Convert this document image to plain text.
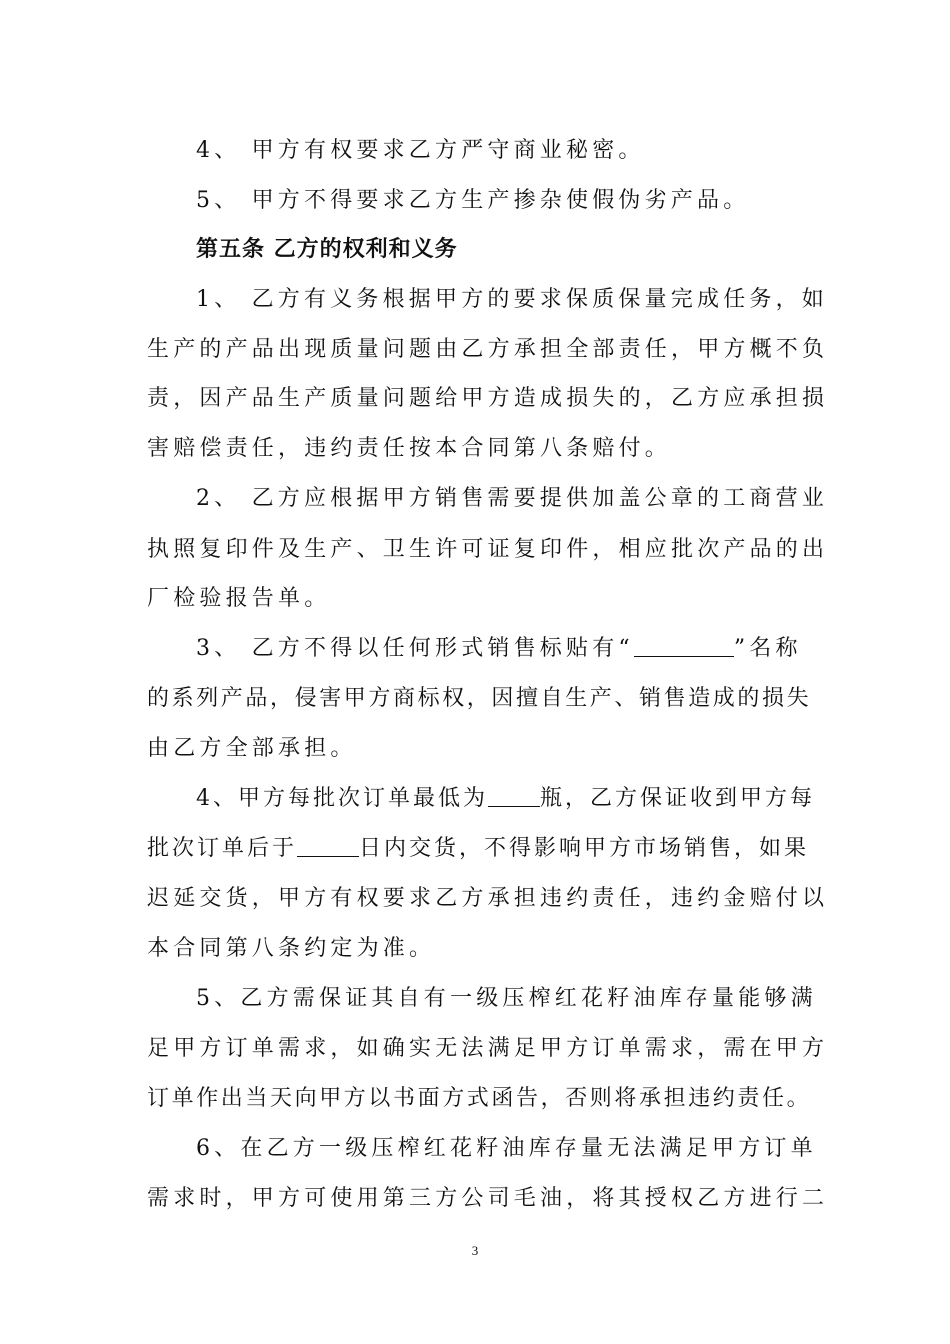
4、 甲方有权要求乙方严守商业秘密。
5、 甲方不得要求乙方生产掺杂使假伪劣产品。
第五条 乙方的权利和义务
1、 乙方有义务根据甲方的要求保质保量完成任务，如
生产的产品出现质量问题由乙方承担全部责任，甲方概不负
责，因产品生产质量问题给甲方造成损失的，乙方应承担损
害赔偿责任，违约责任按本合同第八条赔付。
2、 乙方应根据甲方销售需要提供加盖公章的工商营业
执照复印件及生产、卫生许可证复印件，相应批次产品的出
厂检验报告单。
3、 乙方不得以任何形式销售标贴有“	”名称
的系列产品，侵害甲方商标权，因擅自生产、销售造成的损失
由乙方全部承担。
4、甲方每批次订单最低为 瓶，乙方保证收到甲方每
批次订单后于	日内交货，不得影响甲方市场销售，如果
迟延交货，甲方有权要求乙方承担违约责任，违约金赔付以
本合同第八条约定为准。
5、乙方需保证其自有一级压榨红花籽油库存量能够满
足甲方订单需求，如确实无法满足甲方订单需求，需在甲方
订单作出当天向甲方以书面方式函告，否则将承担违约责任。
6、在乙方一级压榨红花籽油库存量无法满足甲方订单
需求时，甲方可使用第三方公司毛油，将其授权乙方进行二
3
